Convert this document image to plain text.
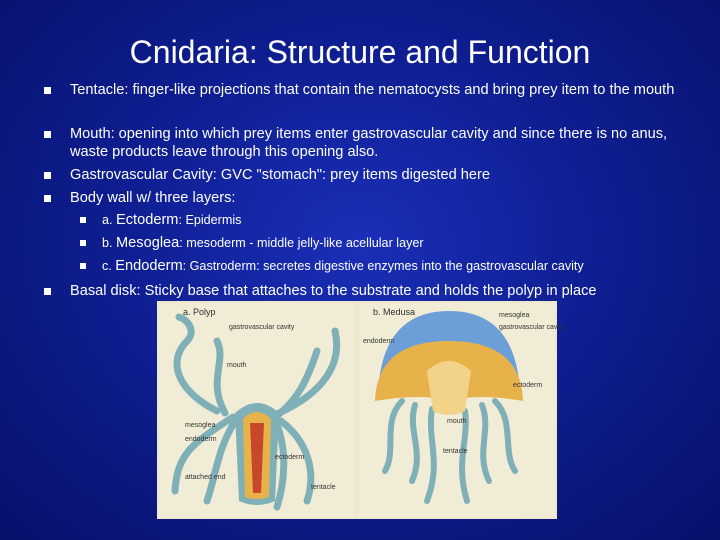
Cnidaria: Structure and Function
Tentacle: finger-like projections that contain the nematocysts and bring prey item to the mouth
Mouth: opening into which prey items enter gastrovascular cavity and since there is no anus, waste products leave through this opening also.
Gastrovascular Cavity: GVC "stomach": prey items digested here
Body wall w/ three layers:
a. Ectoderm: Epidermis
b. Mesoglea: mesoderm - middle jelly-like acellular layer
c. Endoderm: Gastroderm: secretes digestive enzymes into the gastrovascular cavity
Basal disk: Sticky base that attaches to the substrate and holds the polyp in place
a. Polyp
gastrovascular cavity
mouth
mesoglea
endoderm
ectoderm
attached end
tentacle
b. Medusa	mesoglea
gastrovascular cavity
endoderm
ectoderm
mouth
tentacle
